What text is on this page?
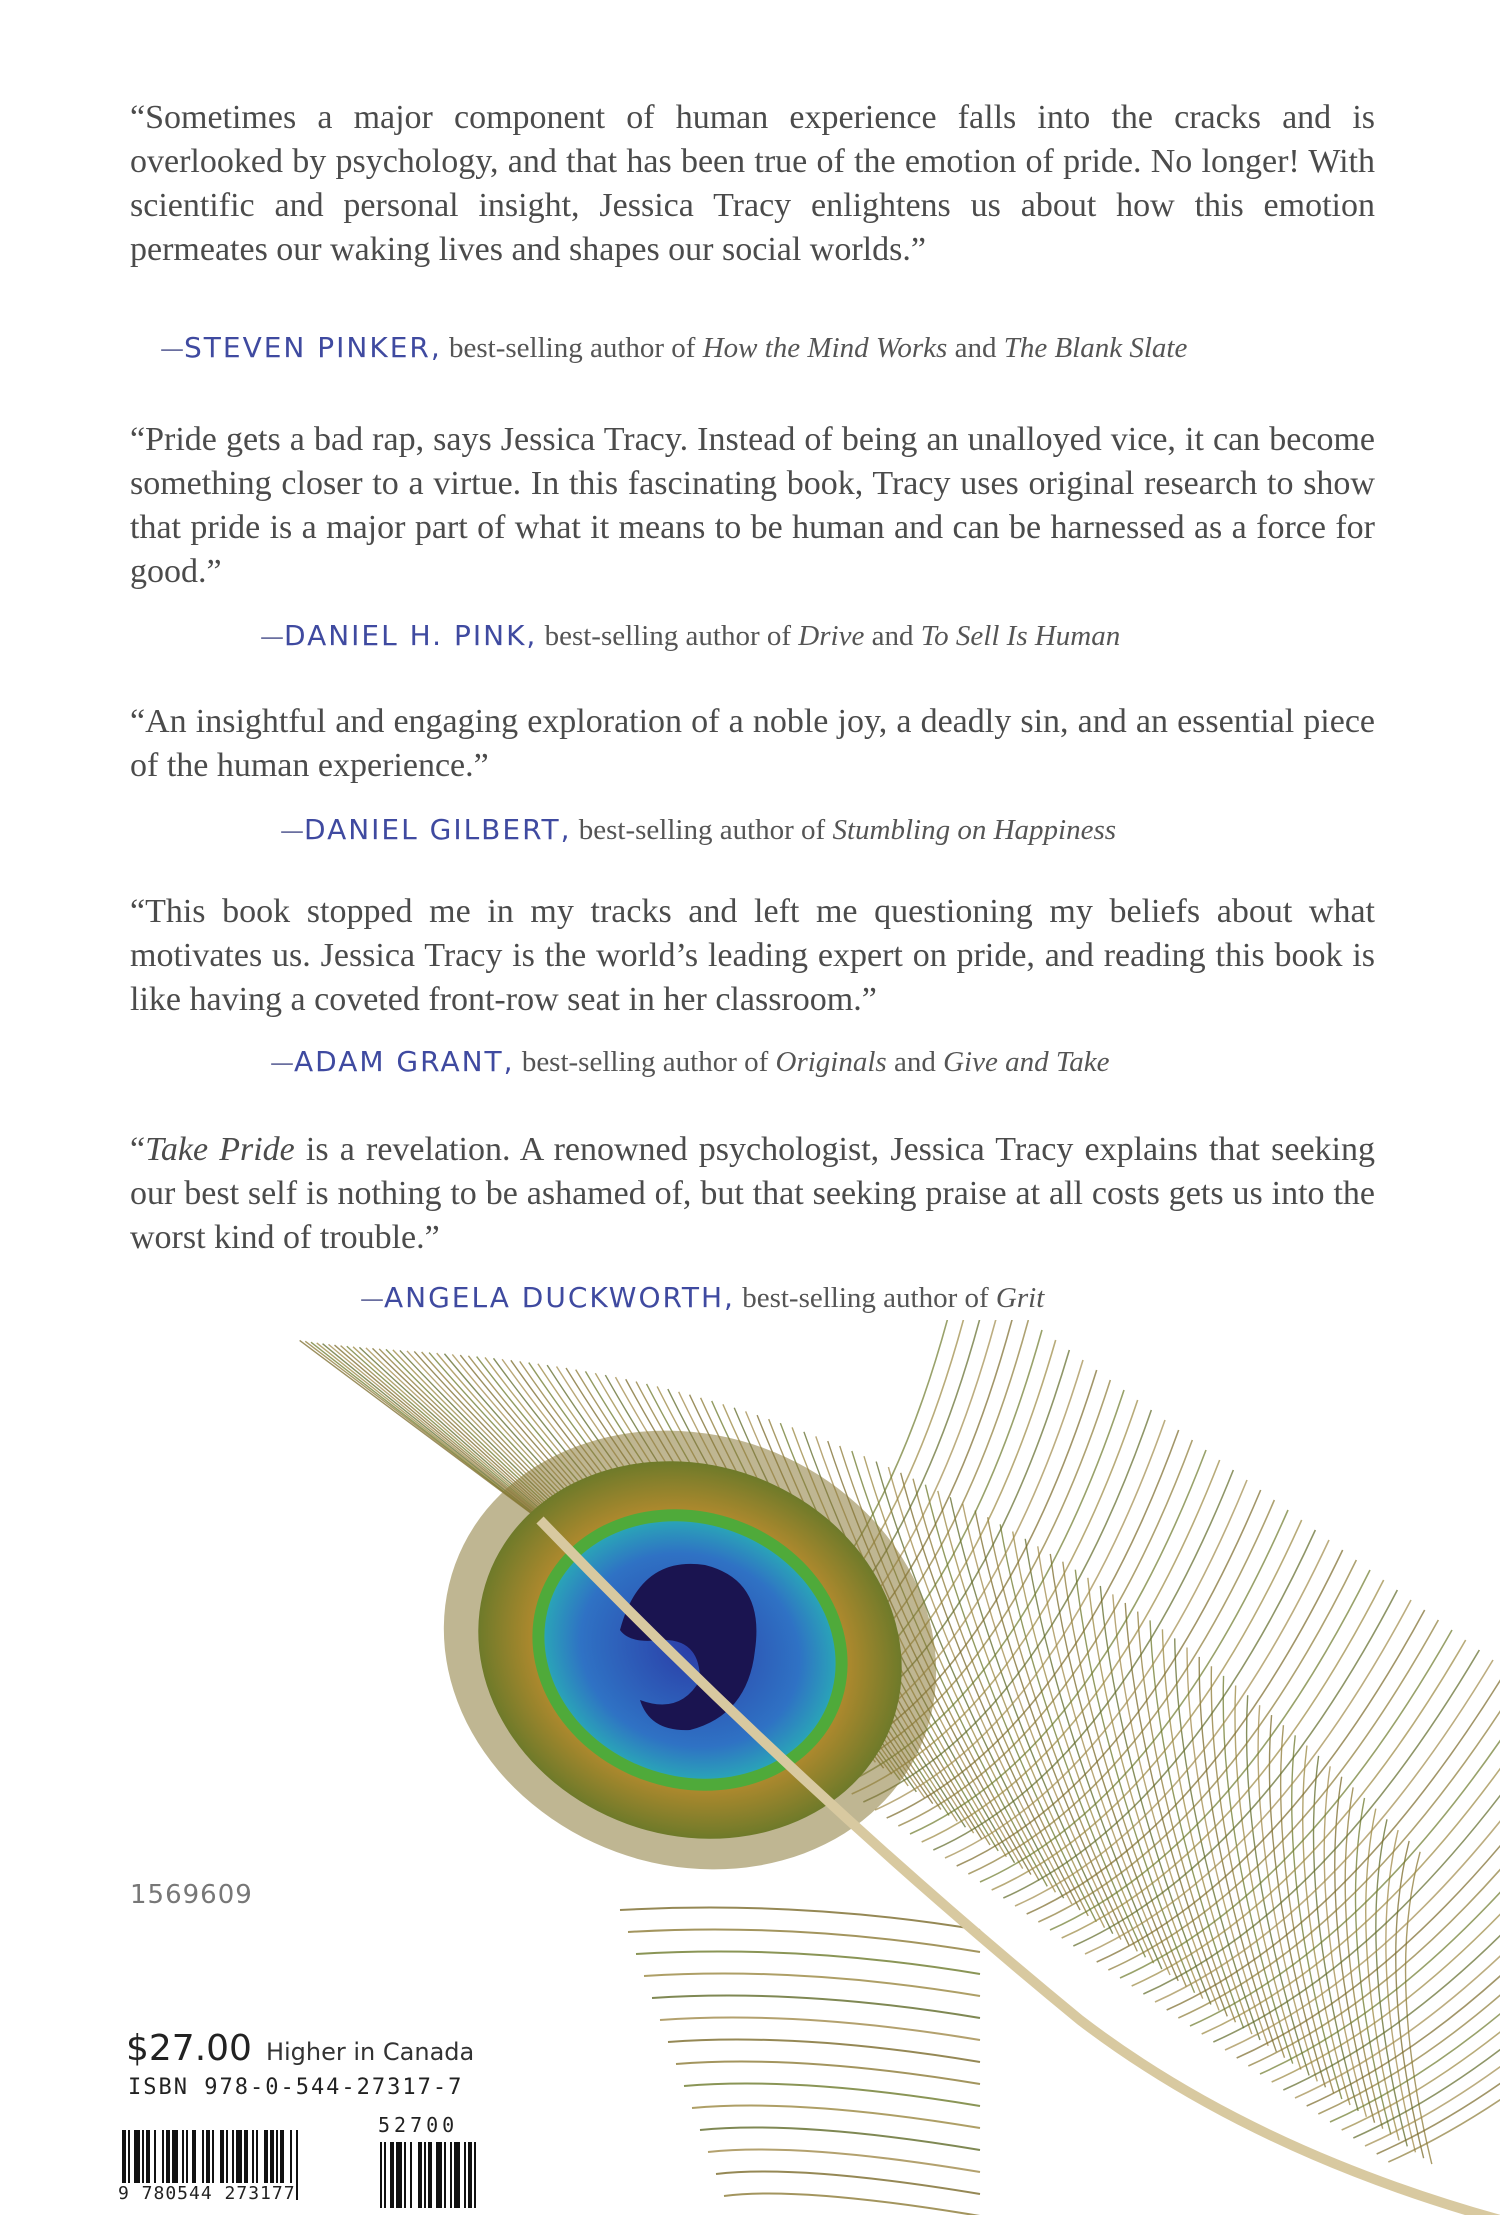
“Sometimes a major component of human experience falls into the cracks and is overlooked by psychology, and that has been true of the emotion of pride. No longer! With scientific and personal insight, Jessica Tracy enlightens us about how this emotion permeates our waking lives and shapes our social worlds.”

—STEVEN PINKER, best-selling author of How the Mind Works and The Blank Slate

“Pride gets a bad rap, says Jessica Tracy. Instead of being an unalloyed vice, it can become something closer to a virtue. In this fascinating book, Tracy uses original research to show that pride is a major part of what it means to be human and can be harnessed as a force for good.”

—DANIEL H. PINK, best-selling author of Drive and To Sell Is Human

“An insightful and engaging exploration of a noble joy, a deadly sin, and an essential piece of the human experience.”

—DANIEL GILBERT, best-selling author of Stumbling on Happiness

“This book stopped me in my tracks and left me questioning my beliefs about what motivates us. Jessica Tracy is the world’s leading expert on pride, and reading this book is like having a coveted front-row seat in her classroom.”

—ADAM GRANT, best-selling author of Originals and Give and Take

“Take Pride is a revelation. A renowned psychologist, Jessica Tracy explains that seeking our best self is nothing to be ashamed of, but that seeking praise at all costs gets us into the worst kind of trouble.”

—ANGELA DUCKWORTH, best-selling author of Grit
1569609
$27.00 Higher in Canada
ISBN 978-0-544-27317-7
52700
9 780544 273177
